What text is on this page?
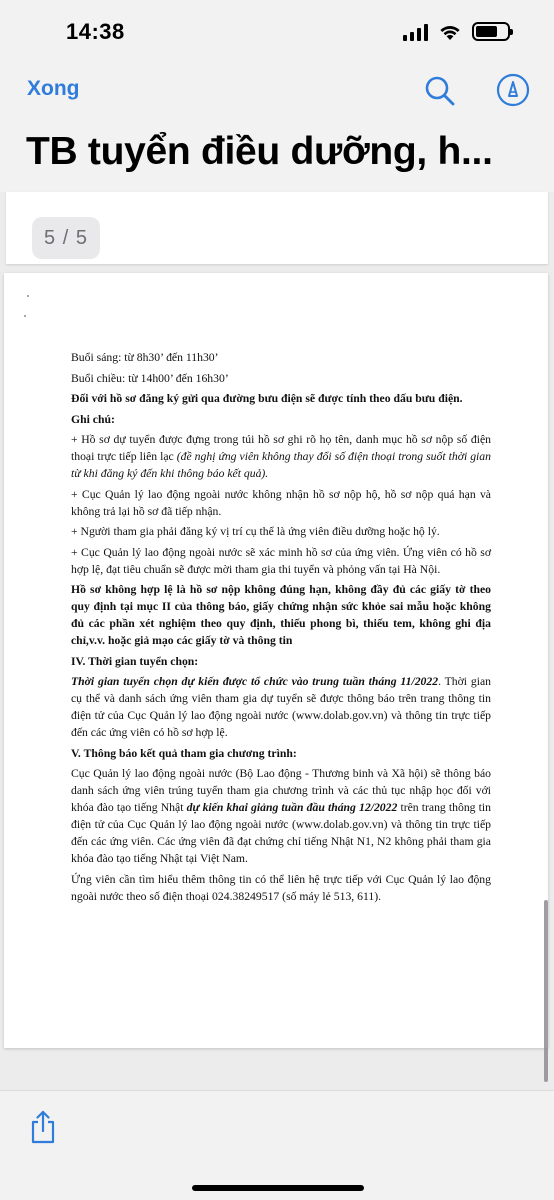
14:38
Xong
TB tuyển điều dưỡng, h...
5 / 5

Buổi sáng: từ 8h30’ đến 11h30’

Buổi chiều: từ 14h00’ đến 16h30’

Đối với hồ sơ đăng ký gửi qua đường bưu điện sẽ được tính theo dấu bưu điện.

Ghi chú:

+ Hồ sơ dự tuyển được đựng trong túi hồ sơ ghi rõ họ tên, danh mục hồ sơ nộp số điện thoại trực tiếp liên lạc (đề nghị ứng viên không thay đổi số điện thoại trong suốt thời gian từ khi đăng ký đến khi thông báo kết quả).

+ Cục Quản lý lao động ngoài nước không nhận hồ sơ nộp hộ, hồ sơ nộp quá hạn và không trả lại hồ sơ đã tiếp nhận.

+ Người tham gia phải đăng ký vị trí cụ thể là ứng viên điều dưỡng hoặc hộ lý.

+ Cục Quản lý lao động ngoài nước sẽ xác minh hồ sơ của ứng viên. Ứng viên có hồ sơ hợp lệ, đạt tiêu chuẩn sẽ được mời tham gia thi tuyển và phỏng vấn tại Hà Nội.

Hồ sơ không hợp lệ là hồ sơ nộp không đúng hạn, không đầy đủ các giấy tờ theo quy định tại mục II của thông báo, giấy chứng nhận sức khỏe sai mẫu hoặc không đủ các phần xét nghiệm theo quy định, thiếu phong bì, thiếu tem, không ghi địa chỉ,v.v. hoặc giả mạo các giấy tờ và thông tin

IV. Thời gian tuyển chọn:

Thời gian tuyển chọn dự kiến được tổ chức vào trung tuần tháng 11/2022. Thời gian cụ thể và danh sách ứng viên tham gia dự tuyển sẽ được thông báo trên trang thông tin điện tử của Cục Quản lý lao động ngoài nước (www.dolab.gov.vn) và thông tin trực tiếp đến các ứng viên có hồ sơ hợp lệ.

V. Thông báo kết quả tham gia chương trình:

Cục Quản lý lao động ngoài nước (Bộ Lao động - Thương binh và Xã hội) sẽ thông báo danh sách ứng viên trúng tuyển tham gia chương trình và các thủ tục nhập học đối với khóa đào tạo tiếng Nhật dự kiến khai giảng tuần đầu tháng 12/2022 trên trang thông tin điện tử của Cục Quản lý lao động ngoài nước (www.dolab.gov.vn) và thông tin trực tiếp đến các ứng viên. Các ứng viên đã đạt chứng chỉ tiếng Nhật N1, N2 không phải tham gia khóa đào tạo tiếng Nhật tại Việt Nam.

Ứng viên cần tìm hiểu thêm thông tin có thể liên hệ trực tiếp với Cục Quản lý lao động ngoài nước theo số điện thoại 024.38249517 (số máy lẻ 513, 611).
